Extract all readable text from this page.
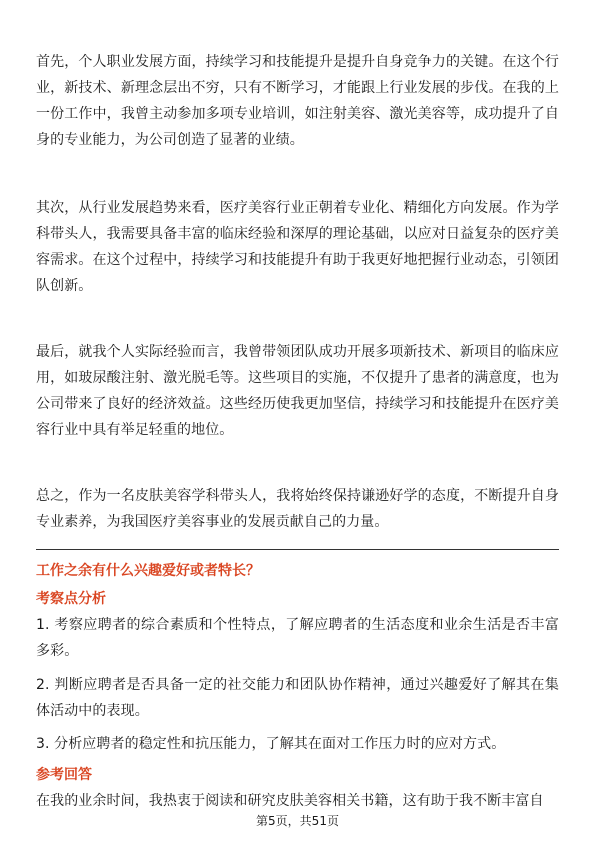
首先，个人职业发展方面，持续学习和技能提升是提升自身竞争力的关键。在这个行业，新技术、新理念层出不穷，只有不断学习，才能跟上行业发展的步伐。在我的上一份工作中，我曾主动参加多项专业培训，如注射美容、激光美容等，成功提升了自身的专业能力，为公司创造了显著的业绩。

其次，从行业发展趋势来看，医疗美容行业正朝着专业化、精细化方向发展。作为学科带头人，我需要具备丰富的临床经验和深厚的理论基础，以应对日益复杂的医疗美容需求。在这个过程中，持续学习和技能提升有助于我更好地把握行业动态，引领团队创新。

最后，就我个人实际经验而言，我曾带领团队成功开展多项新技术、新项目的临床应用，如玻尿酸注射、激光脱毛等。这些项目的实施，不仅提升了患者的满意度，也为公司带来了良好的经济效益。这些经历使我更加坚信，持续学习和技能提升在医疗美容行业中具有举足轻重的地位。

总之，作为一名皮肤美容学科带头人，我将始终保持谦逊好学的态度，不断提升自身专业素养，为我国医疗美容事业的发展贡献自己的力量。

工作之余有什么兴趣爱好或者特长？
考察点分析

1. 考察应聘者的综合素质和个性特点，了解应聘者的生活态度和业余生活是否丰富多彩。

2. 判断应聘者是否具备一定的社交能力和团队协作精神，通过兴趣爱好了解其在集体活动中的表现。

3. 分析应聘者的稳定性和抗压能力，了解其在面对工作压力时的应对方式。

参考回答

在我的业余时间，我热衷于阅读和研究皮肤美容相关书籍，这有助于我不断丰富自

第5页，共51页
